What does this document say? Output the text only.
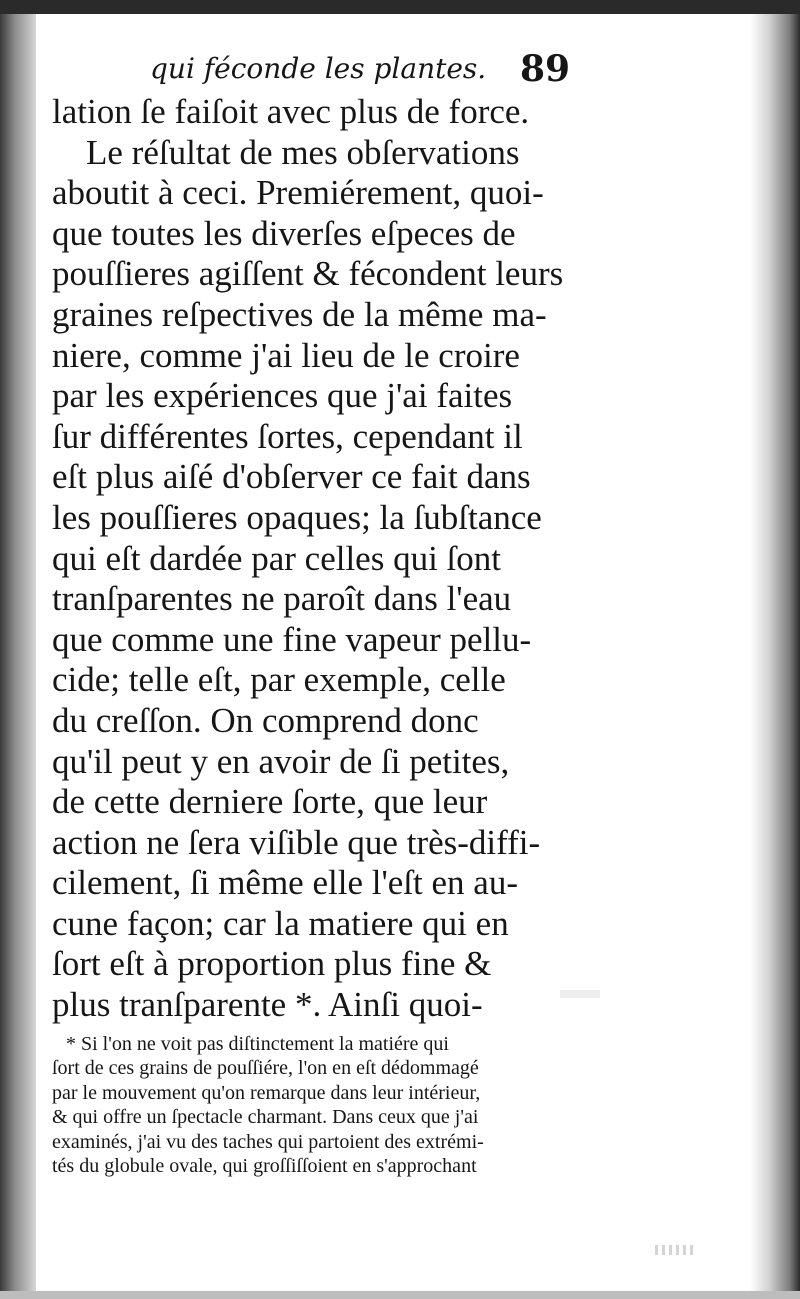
qui féconde les plantes. 89
lation ſe faiſoit avec plus de force.
Le réſultat de mes obſervations
aboutit à ceci. Premiérement, quoi-
que toutes les diverſes eſpeces de
pouſſieres agiſſent & fécondent leurs
graines reſpectives de la même ma-
niere, comme j'ai lieu de le croire
par les expériences que j'ai faites
ſur différentes ſortes, cependant il
eſt plus aiſé d'obſerver ce fait dans
les pouſſieres opaques; la ſubſtance
qui eſt dardée par celles qui ſont
tranſparentes ne paroît dans l'eau
que comme une fine vapeur pellu-
cide; telle eſt, par exemple, celle
du creſſon. On comprend donc
qu'il peut y en avoir de ſi petites,
de cette derniere ſorte, que leur
action ne ſera viſible que très-diffi-
cilement, ſi même elle l'eſt en au-
cune façon; car la matiere qui en
ſort eſt à proportion plus fine &
plus tranſparente *. Ainſi quoi-
* Si l'on ne voit pas diſtinctement la matiére qui
ſort de ces grains de pouſſiére, l'on en eſt dédommagé
par le mouvement qu'on remarque dans leur intérieur,
& qui offre un ſpectacle charmant. Dans ceux que j'ai
examinés, j'ai vu des taches qui partoient des extrémi-
tés du globule ovale, qui groſſiſſoient en s'approchant
